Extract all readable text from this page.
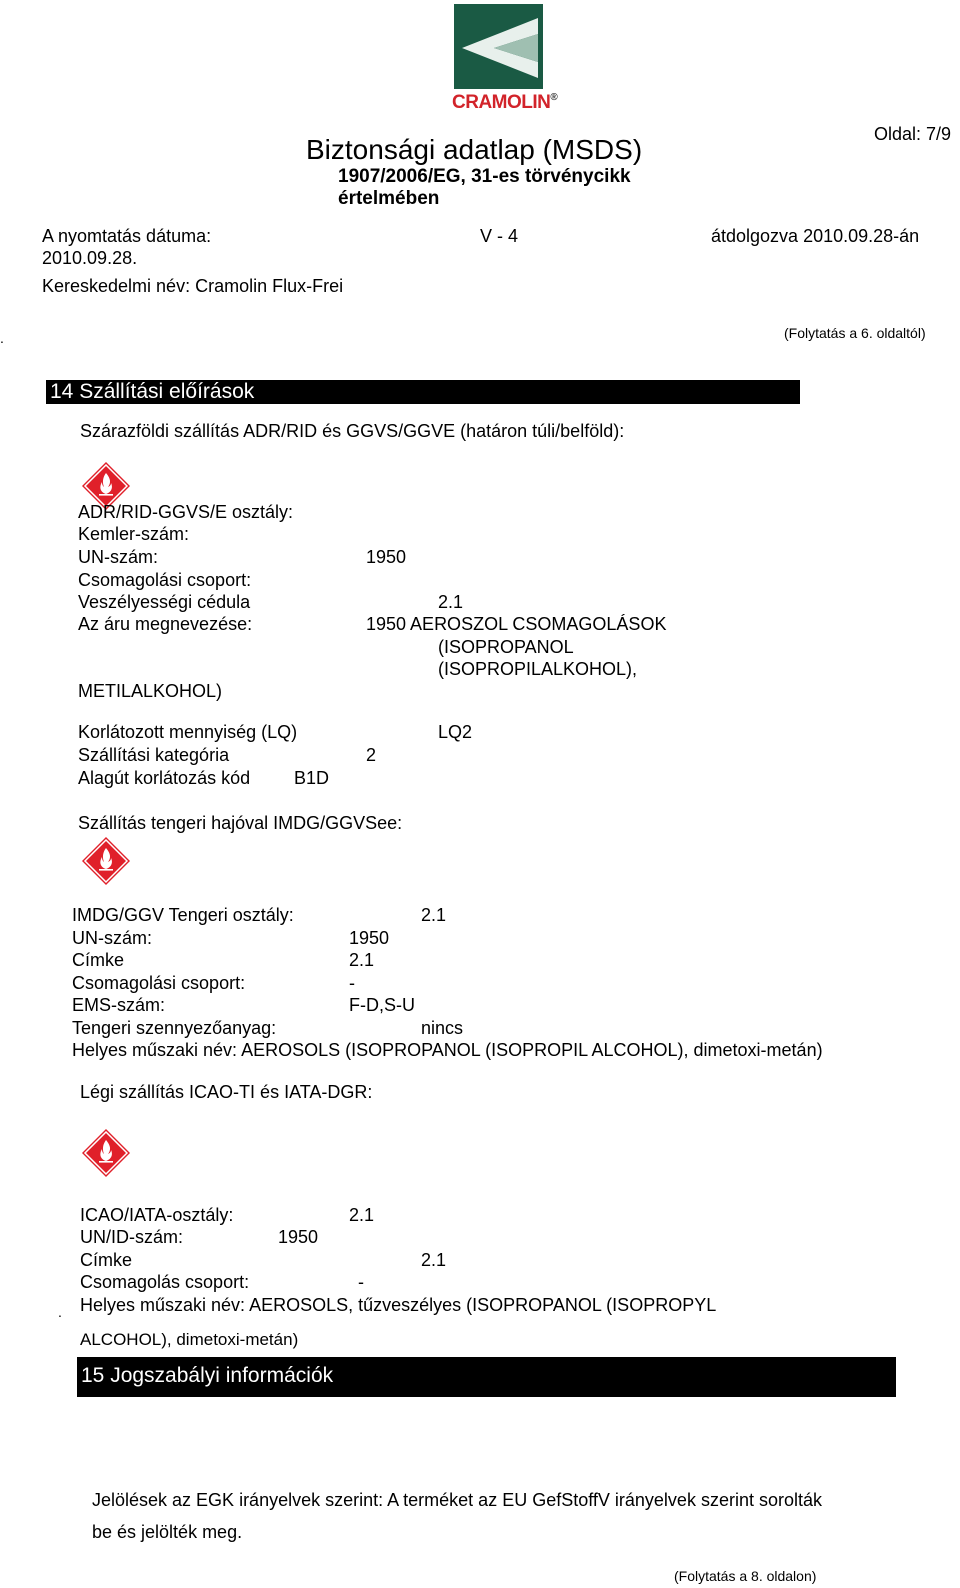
CRAMOLIN®
Oldal: 7/9
Biztonsági adatlap (MSDS)
1907/2006/EG, 31-es törvénycikk
értelmében
A nyomtatás dátuma:
2010.09.28.
V - 4	átdolgozva 2010.09.28-án
Kereskedelmi név: Cramolin Flux-Frei
.	(Folytatás a 6. oldaltól)
14 Szállítási előírások
Szárazföldi szállítás ADR/RID és GGVS/GGVE (határon túli/belföld):
ADR/RID-GGVS/E osztály:
Kemler-szám:
UN-szám:	1950
Csomagolási csoport:
Veszélyességi cédula	2.1
Az áru megnevezése:	1950 AEROSZOL CSOMAGOLÁSOK
(ISOPROPANOL
(ISOPROPILALKOHOL),
METILALKOHOL)
Korlátozott mennyiség (LQ)	LQ2
Szállítási kategória	2
Alagút korlátozás kód B1D
Szállítás tengeri hajóval IMDG/GGVSee:
IMDG/GGV Tengeri osztály:	2.1
UN-szám:	1950
Címke	2.1
Csomagolási csoport:	-
EMS-szám:	F-D,S-U
Tengeri szennyezőanyag:	nincs
Helyes műszaki név: AEROSOLS (ISOPROPANOL (ISOPROPIL ALCOHOL), dimetoxi-metán)
Légi szállítás ICAO-TI és IATA-DGR:
ICAO/IATA-osztály:	2.1
UN/ID-szám:	1950
Címke	2.1
Csomagolás csoport:	-
. Helyes műszaki név: AEROSOLS, tűzveszélyes (ISOPROPANOL (ISOPROPYL
ALCOHOL), dimetoxi-metán)
15 Jogszabályi információk
Jelölések az EGK irányelvek szerint: A terméket az EU GefStoffV irányelvek szerint sorolták
be és jelölték meg.
(Folytatás a 8. oldalon)
